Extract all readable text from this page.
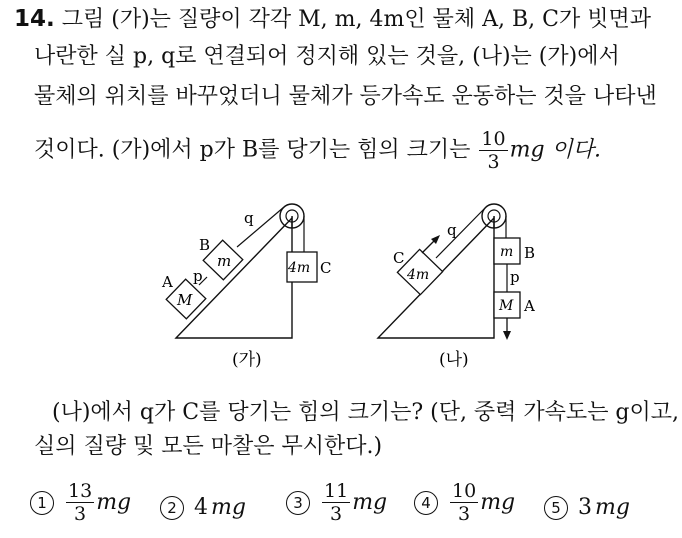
14. 그림 (가)는 질량이 각각 M, m, 4m인 물체 A, B, C가 빗면과
나란한 실 p, q로 연결되어 정지해 있는 것을, (나)는 (가)에서
물체의 위치를 바꾸었더니 물체가 등가속도 운동하는 것을 나타낸
것이다. (가)에서 p가 B를 당기는 힘의 크기는 $\frac{10}{3}$ mg 이다.
M
A p
m
B
q
4m C
(가)
4m
C
q
m B
p
M A
(나)
(나)에서 q가 C를 당기는 힘의 크기는? (단, 중력 가속도는 g이고,
실의 질량 및 모든 마찰은 무시한다.)
1	$\frac{13}{3}$ mg	2 4 mg	3	$\frac{11}{3}$ mg	4	$\frac{10}{3}$ mg	5 3 mg
